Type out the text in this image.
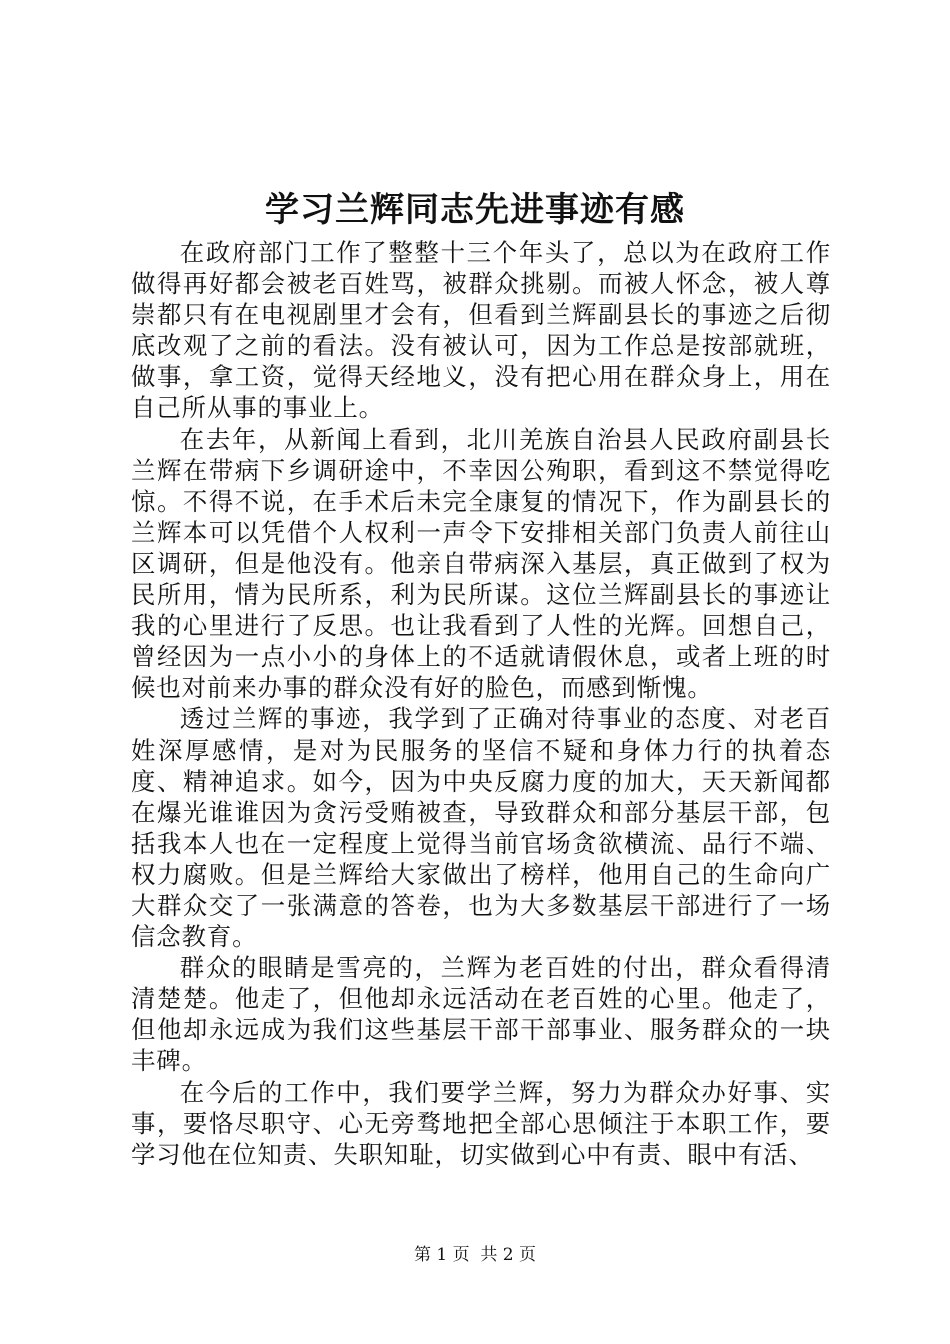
学习兰辉同志先进事迹有感

在政府部门工作了整整十三个年头了，总以为在政府工作做得再好都会被老百姓骂，被群众挑剔。而被人怀念，被人尊崇都只有在电视剧里才会有，但看到兰辉副县长的事迹之后彻底改观了之前的看法。没有被认可，因为工作总是按部就班，做事，拿工资，觉得天经地义，没有把心用在群众身上，用在自己所从事的事业上。

在去年，从新闻上看到，北川羌族自治县人民政府副县长兰辉在带病下乡调研途中，不幸因公殉职，看到这不禁觉得吃惊。不得不说，在手术后未完全康复的情况下，作为副县长的兰辉本可以凭借个人权利一声令下安排相关部门负责人前往山区调研，但是他没有。他亲自带病深入基层，真正做到了权为民所用，情为民所系，利为民所谋。这位兰辉副县长的事迹让我的心里进行了反思。也让我看到了人性的光辉。回想自己，曾经因为一点小小的身体上的不适就请假休息，或者上班的时候也对前来办事的群众没有好的脸色，而感到惭愧。

透过兰辉的事迹，我学到了正确对待事业的态度、对老百姓深厚感情，是对为民服务的坚信不疑和身体力行的执着态度、精神追求。如今，因为中央反腐力度的加大，天天新闻都在爆光谁谁因为贪污受贿被查，导致群众和部分基层干部，包括我本人也在一定程度上觉得当前官场贪欲横流、品行不端、权力腐败。但是兰辉给大家做出了榜样，他用自己的生命向广大群众交了一张满意的答卷，也为大多数基层干部进行了一场信念教育。

群众的眼睛是雪亮的，兰辉为老百姓的付出，群众看得清清楚楚。他走了，但他却永远活动在老百姓的心里。他走了，但他却永远成为我们这些基层干部干部事业、服务群众的一块丰碑。

在今后的工作中，我们要学兰辉，努力为群众办好事、实事，要恪尽职守、心无旁骛地把全部心思倾注于本职工作，要学习他在位知责、失职知耻，切实做到心中有责、眼中有活、

第 1 页  共 2 页
